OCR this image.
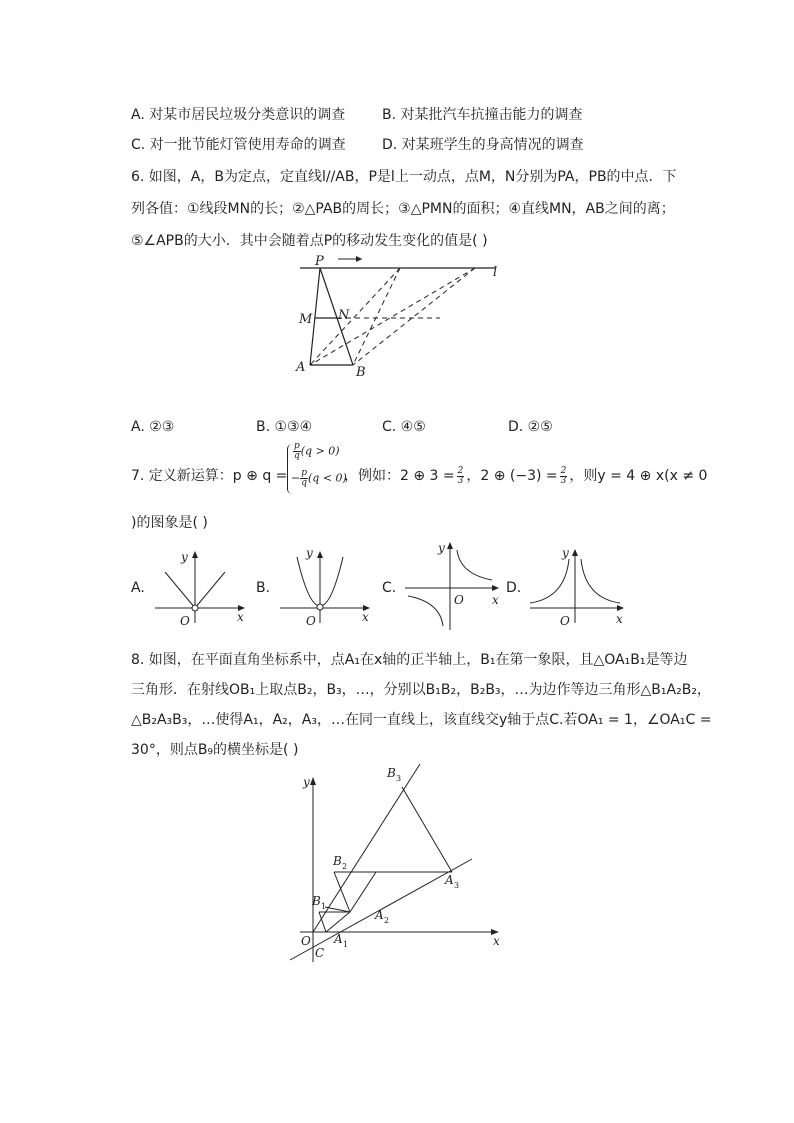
A. 对某市居民垃圾分类意识的调查	B. 对某批汽车抗撞击能力的调查
C. 对一批节能灯管使用寿命的调查	D. 对某班学生的身高情况的调查
6. 如图，A，B为定点，定直线l//AB，P是l上一动点，点M，N分别为PA，PB的中点．下
列各值：①线段MN的长；②△PAB的周长；③△PMN的面积；④直线MN，AB之间的离；
⑤∠APB的大小．其中会随着点P的移动发生变化的值是( )
P
l
M N
A	B
A. ②③	B. ①③④	C. ④⑤	D. ②⑤
7. 定义新运算：p ⊕ q =
$\frac{p}{q} (q > 0)$
− $\frac{p}{q} (q < 0)$
，例如：2 ⊕ $3 = \frac{2}{3}$ ，2 ⊕ $(-3) = \frac{2}{3}$ ，则y = 4 ⊕ x(x ≠ 0
)的图象是( )
A.
y
x
O
B.
y
x
O
C.
y
x
O
D.
y
x
O
8. 如图，在平面直角坐标系中，点A₁在x轴的正半轴上，B₁在第一象限，且△OA₁B₁是等边
三角形．在射线OB₁上取点B₂，B₃，…，分别以B₁B₂，B₂B₃，…为边作等边三角形△B₁A₂B₂，
△B₂A₃B₃，…使得A₁，A₂，A₃，…在同一直线上，该直线交y轴于点C.若OA₁ = 1，∠OA₁C =
30°，则点B₉的横坐标是( )
y
x
O
C
A 1
A 2
A 3
B 1
B 2
B 3
